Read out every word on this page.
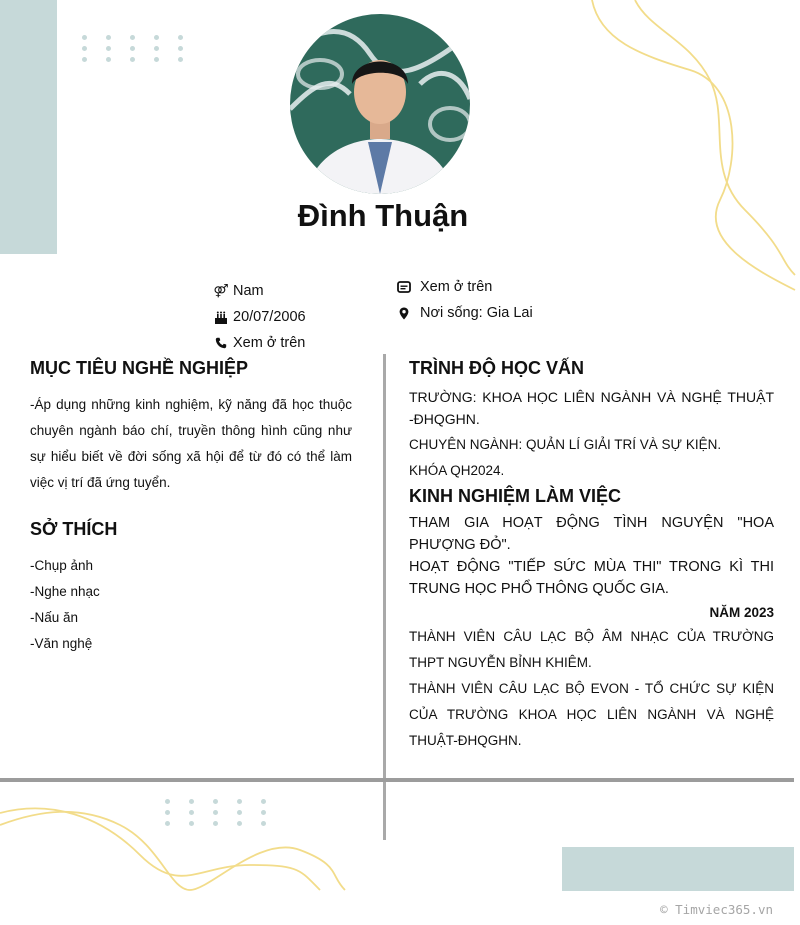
Đình Thuận
⚤ Nam
20/07/2006
Xem ở trên
Xem ở trên
Nơi sống: Gia Lai
MỤC TIÊU NGHỀ NGHIỆP

-Áp dụng những kinh nghiệm, kỹ năng đã học thuộc chuyên ngành báo chí, truyền thông hình cũng như sự hiểu biết về đời sống xã hội để từ đó có thể làm việc vị trí đã ứng tuyển.

SỞ THÍCH

-Chụp ảnh

-Nghe nhạc

-Nấu ăn

-Văn nghệ

TRÌNH ĐỘ HỌC VẤN

TRƯỜNG: KHOA HỌC LIÊN NGÀNH VÀ NGHỆ THUẬT -ĐHQGHN.

CHUYÊN NGÀNH: QUẢN LÍ GIẢI TRÍ VÀ SỰ KIỆN.

KHÓA QH2024.

KINH NGHIỆM LÀM VIỆC

THAM GIA HOẠT ĐỘNG TÌNH NGUYỆN "HOA PHƯỢNG ĐỎ".

HOẠT ĐỘNG "TIẾP SỨC MÙA THI" TRONG KÌ THI TRUNG HỌC PHỔ THÔNG QUỐC GIA.

NĂM 2023

THÀNH VIÊN CÂU LẠC BỘ ÂM NHẠC CỦA TRƯỜNG THPT NGUYỄN BỈNH KHIÊM.

THÀNH VIÊN CÂU LẠC BỘ EVON - TỔ CHỨC SỰ KIỆN CỦA TRƯỜNG KHOA HỌC LIÊN NGÀNH VÀ NGHỆ THUẬT-ĐHQGHN.

© Timviec365.vn
